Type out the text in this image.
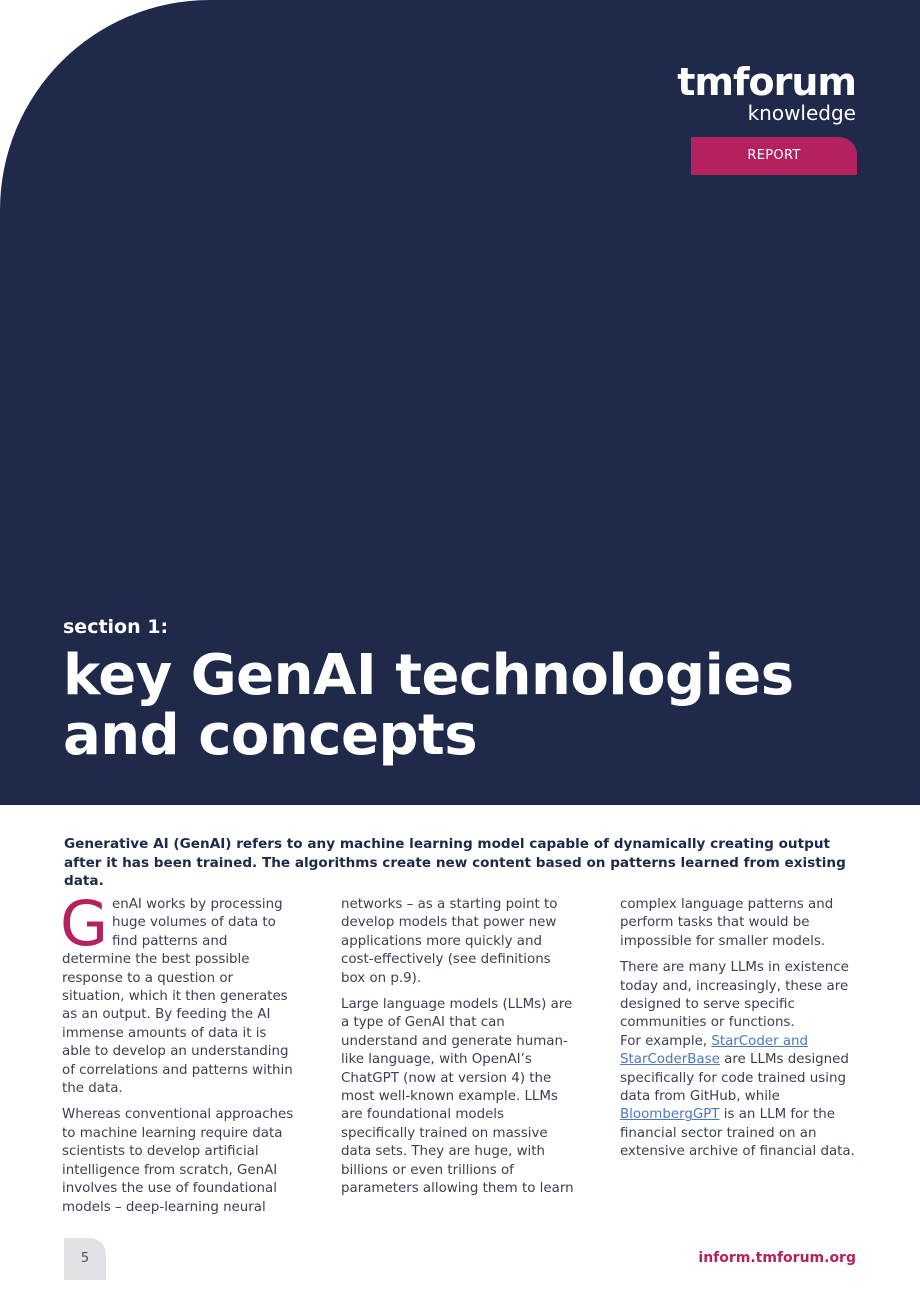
tmforum
knowledge
REPORT
section 1:
key GenAI technologies
and concepts

Generative AI (GenAI) refers to any machine learning model capable of dynamically creating output after it has been trained. The algorithms create new content based on patterns learned from existing data.

GenAI works by processing huge volumes of data to find patterns and determine the best possible response to a question or situation, which it then generates as an output. By feeding the AI immense amounts of data it is able to develop an understanding of correlations and patterns within the data.

Whereas conventional approaches to machine learning require data scientists to develop artificial intelligence from scratch, GenAI involves the use of foundational models – deep-learning neural

networks – as a starting point to develop models that power new applications more quickly and cost-effectively (see definitions box on p.9).

Large language models (LLMs) are a type of GenAI that can understand and generate human-like language, with OpenAI’s ChatGPT (now at version 4) the most well-known example. LLMs are foundational models specifically trained on massive data sets. They are huge, with billions or even trillions of parameters allowing them to learn

complex language patterns and perform tasks that would be impossible for smaller models.

There are many LLMs in existence today and, increasingly, these are designed to serve specific communities or functions.

For example, StarCoder and StarCoderBase are LLMs designed specifically for code trained using data from GitHub, while BloombergGPT is an LLM for the financial sector trained on an extensive archive of financial data.

5	inform.tmforum.org
